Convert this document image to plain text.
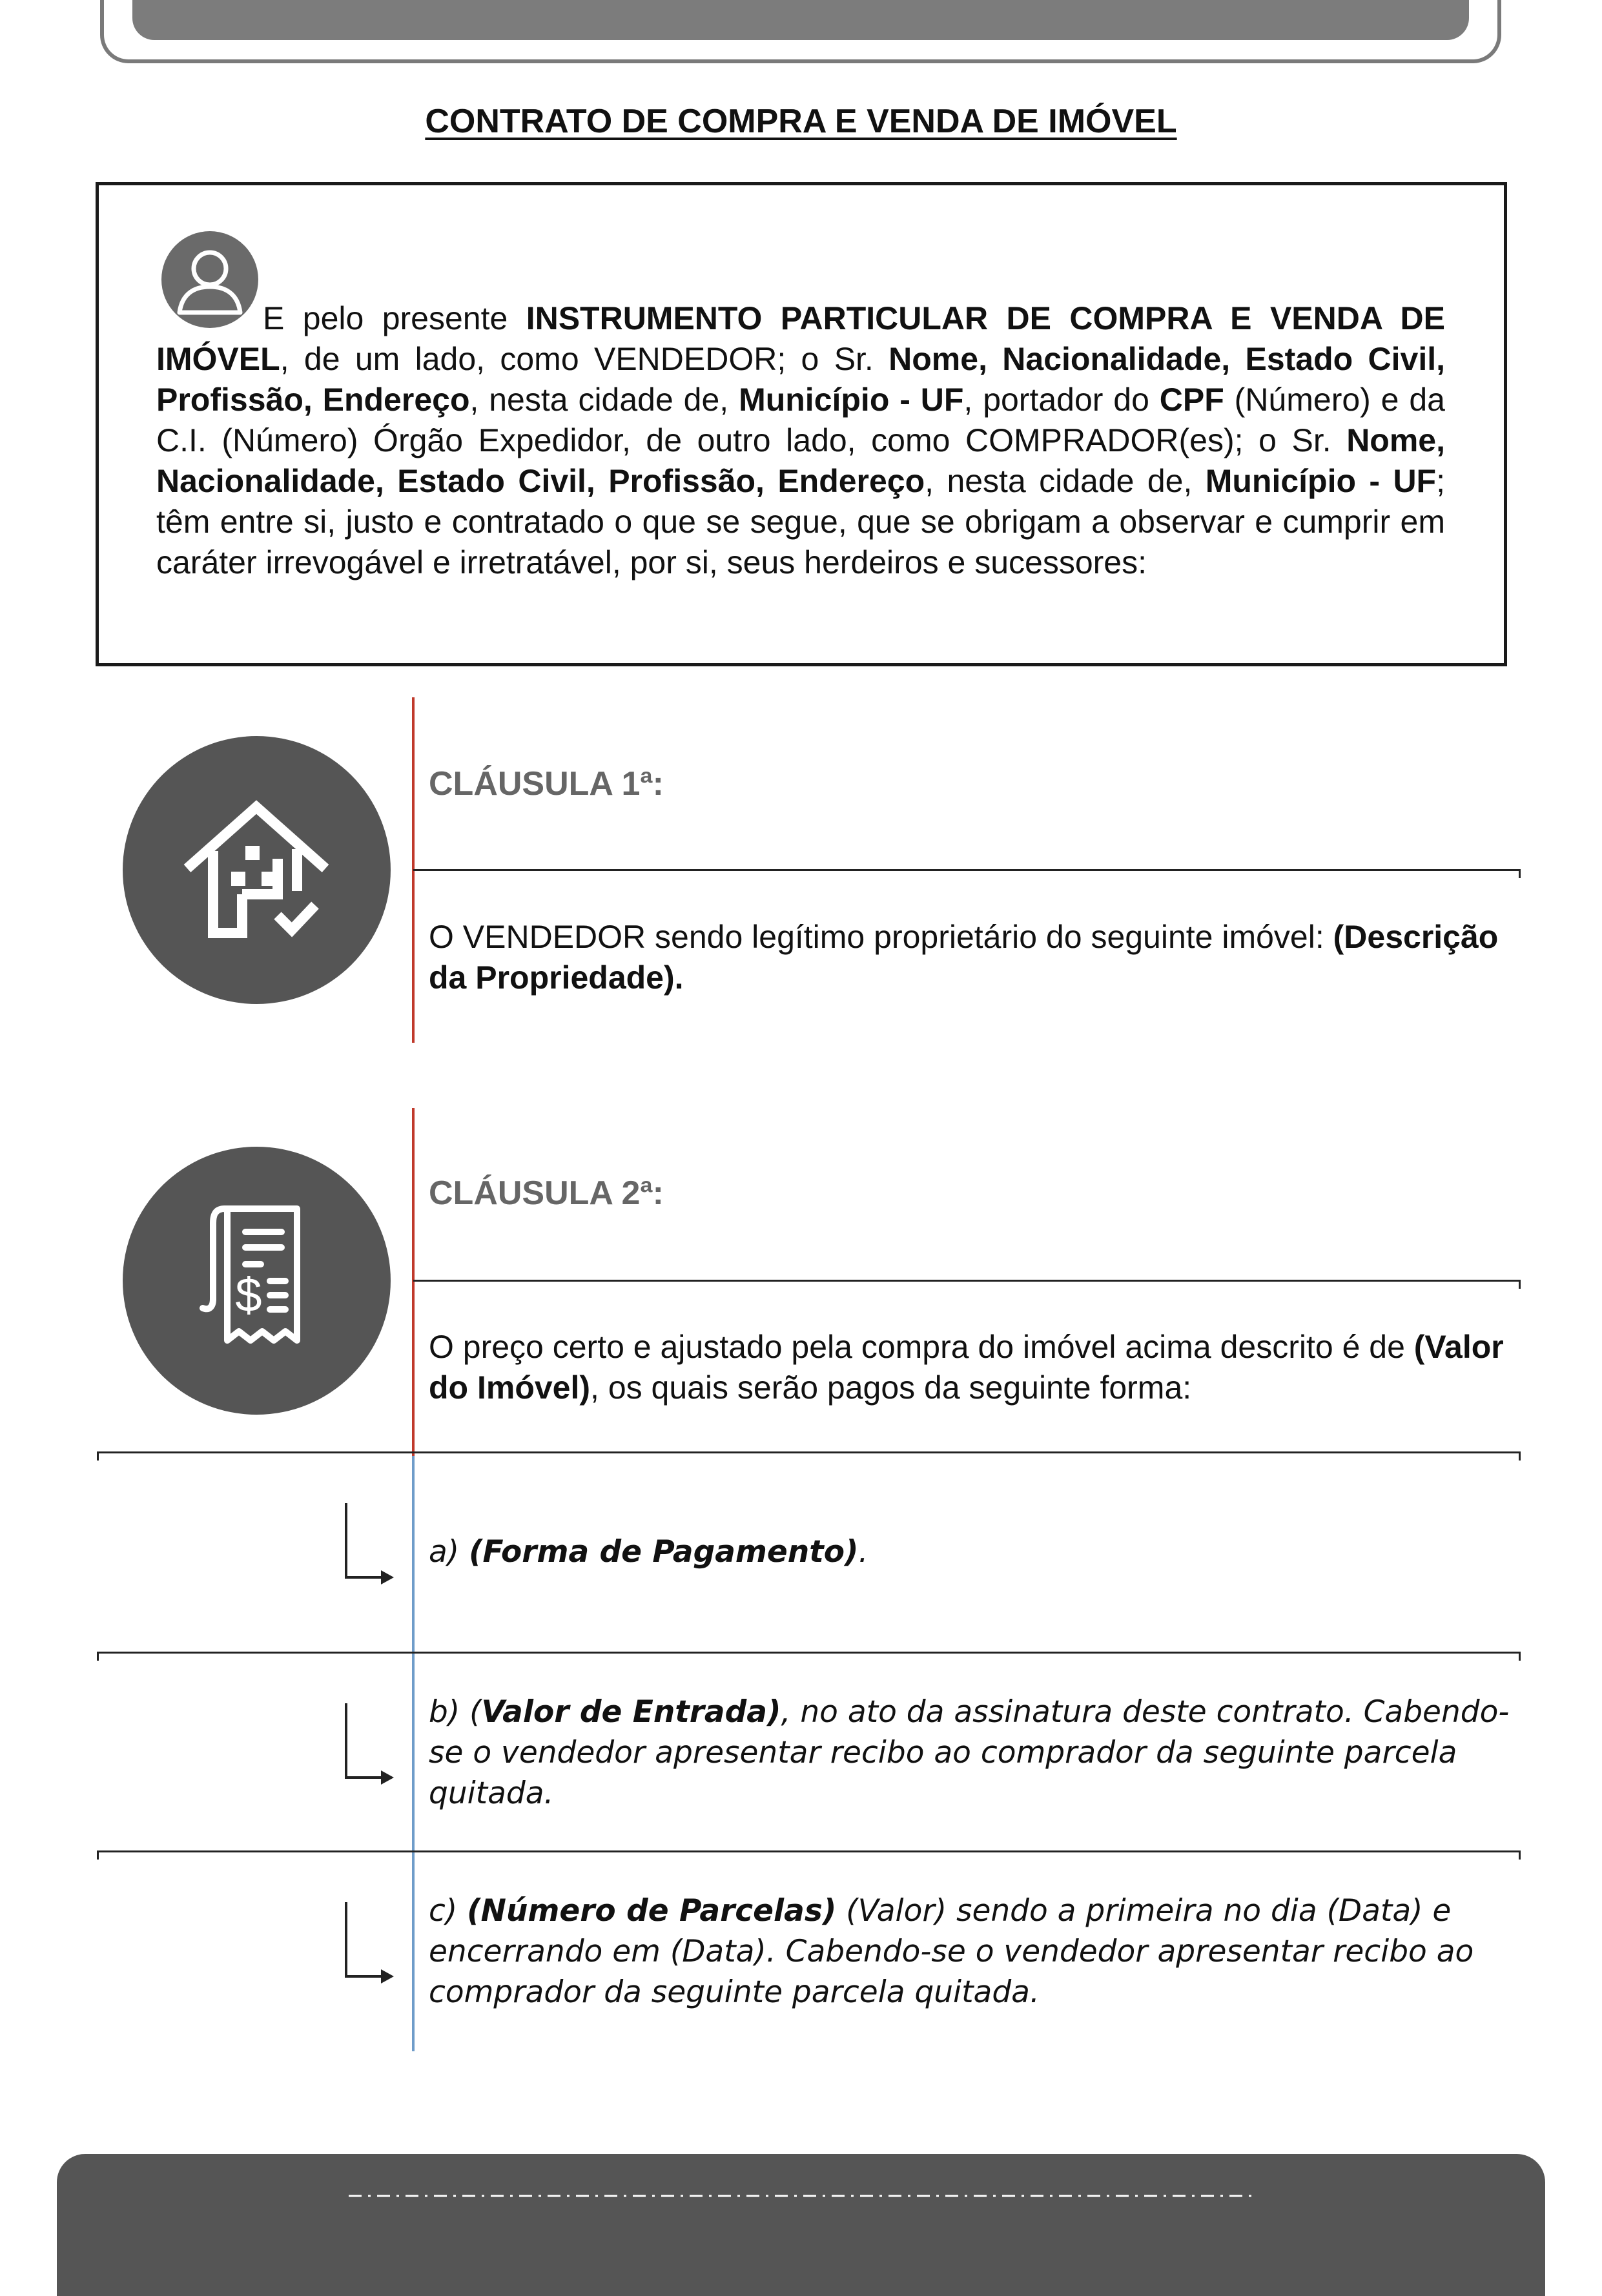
CONTRATO DE COMPRA E VENDA DE IMÓVEL
E pelo presente INSTRUMENTO PARTICULAR DE COMPRA E VENDA DE IMÓVEL, de um lado, como VENDEDOR; o Sr. Nome, Nacionalidade, Estado Civil, Profissão, Endereço, nesta cidade de, Município - UF, portador do CPF (Número) e da C.I. (Número) Órgão Expedidor, de outro lado, como COMPRADOR(es); o Sr. Nome, Nacionalidade, Estado Civil, Profissão, Endereço, nesta cidade de, Município - UF; têm entre si, justo e contratado o que se segue, que se obrigam a observar e cumprir em caráter irrevogável e irretratável, por si, seus herdeiros e sucessores:
CLÁUSULA 1ª:
O VENDEDOR sendo legítimo proprietário do seguinte imóvel: (Descrição da Propriedade).
$
CLÁUSULA 2ª:
O preço certo e ajustado pela compra do imóvel acima descrito é de (Valor do Imóvel), os quais serão pagos da seguinte forma:
a) (Forma de Pagamento).
b) (Valor de Entrada), no ato da assinatura deste contrato. Cabendo-se o vendedor apresentar recibo ao comprador da seguinte parcela quitada.
c) (Número de Parcelas) (Valor) sendo a primeira no dia (Data) e encerrando em (Data). Cabendo-se o vendedor apresentar recibo ao comprador da seguinte parcela quitada.
